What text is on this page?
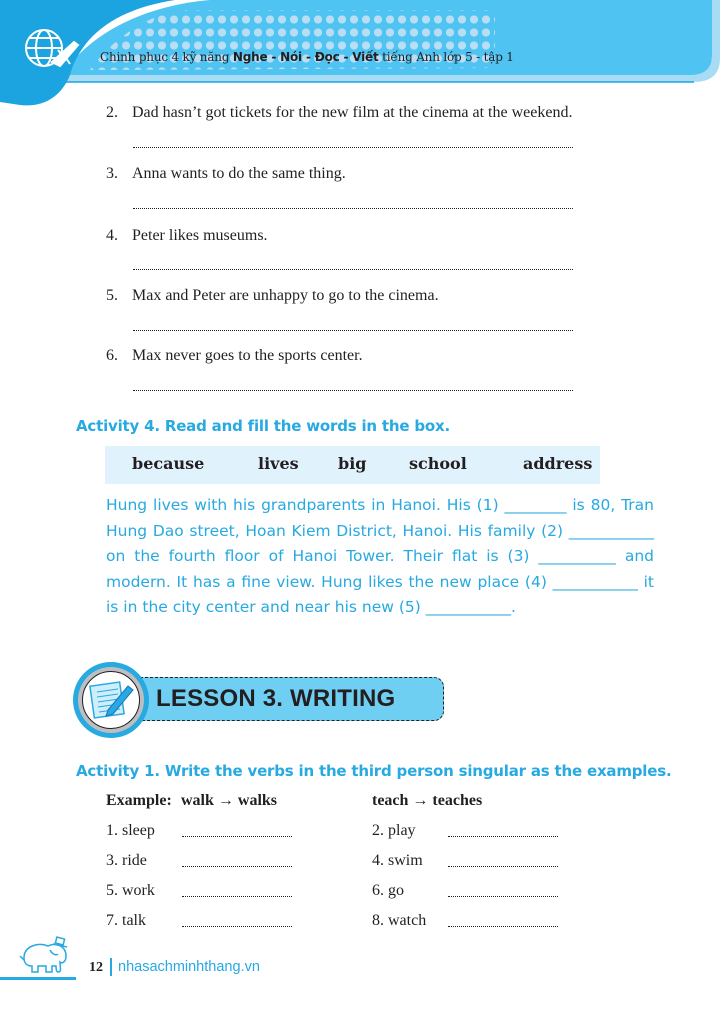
Chinh phục 4 kỹ năng Nghe - Nói - Đọc - Viết tiếng Anh lớp 5 - tập 1
2. Dad hasn’t got tickets for the new film at the cinema at the weekend.
3. Anna wants to do the same thing.
4. Peter likes museums.
5. Max and Peter are unhappy to go to the cinema.
6. Max never goes to the sports center.
Activity 4. Read and fill the words in the box.
because	lives big	school	address
Hung lives with his grandparents in Hanoi. His (1) ________ is 80, Tran
Hung Dao street, Hoan Kiem District, Hanoi. His family (2) ___________
on the fourth floor of Hanoi Tower. Their flat is (3) __________ and
modern. It has a fine view. Hung likes the new place (4) ___________ it
is in the city center and near his new (5) ___________.
LESSON 3. WRITING
Activity 1. Write the verbs in the third person singular as the examples.
Example: walk → walks	teach → teaches
1. sleep	2. play
3. ride	4. swim
5. work	6. go
7. talk	8. watch
12 nhasachminhthang.vn
